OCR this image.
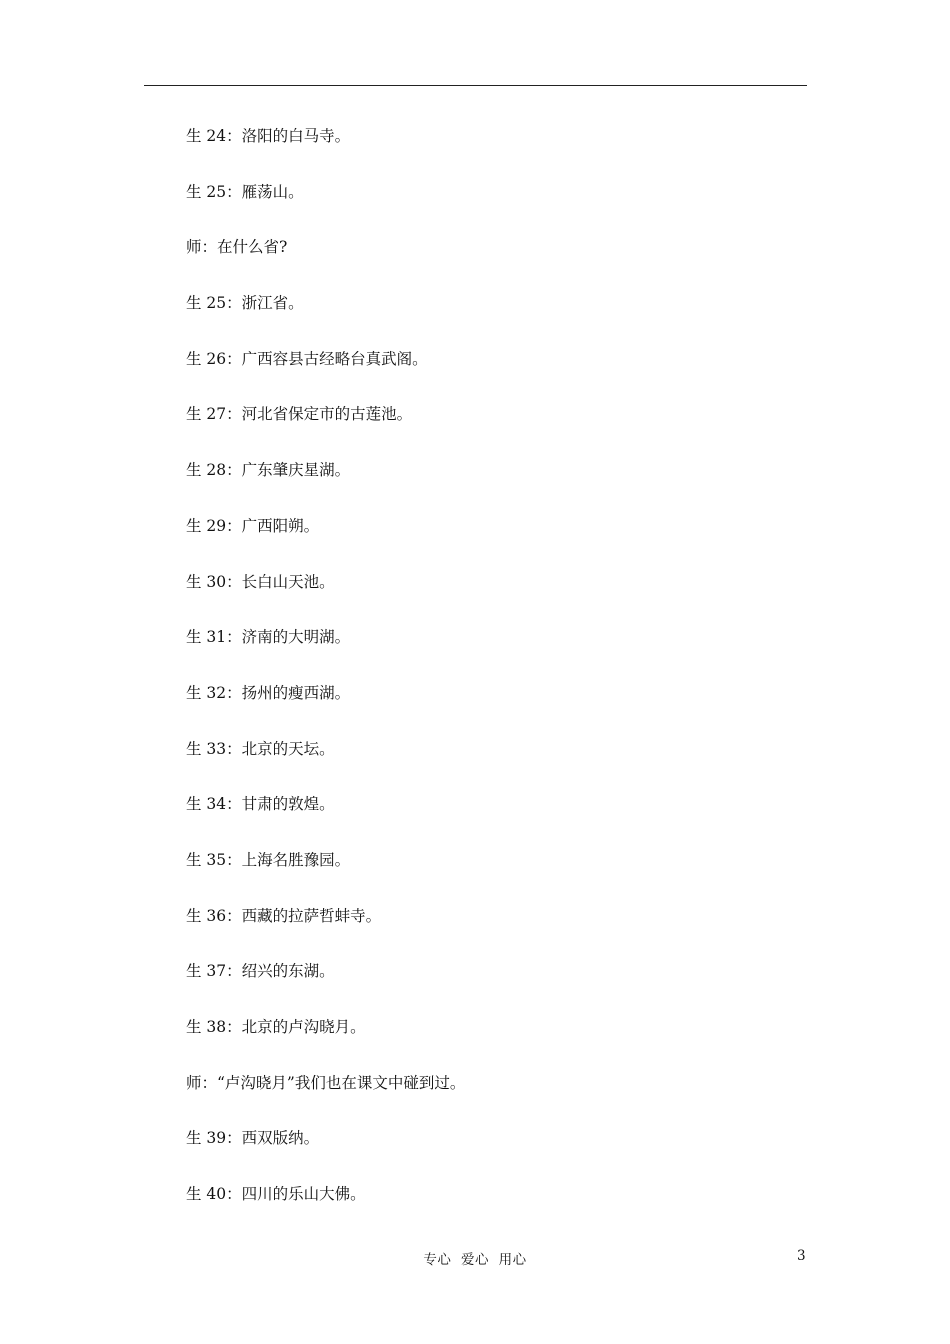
生 24：洛阳的白马寺。
生 25：雁荡山。
师：在什么省?
生 25：浙江省。
生 26：广西容县古经略台真武阁。
生 27：河北省保定市的古莲池。
生 28：广东肇庆星湖。
生 29：广西阳朔。
生 30：长白山天池。
生 31：济南的大明湖。
生 32：扬州的瘦西湖。
生 33：北京的天坛。
生 34：甘肃的敦煌。
生 35：上海名胜豫园。
生 36：西藏的拉萨哲蚌寺。
生 37：绍兴的东湖。
生 38：北京的卢沟晓月。
师：“卢沟晓月”我们也在课文中碰到过。
生 39：西双版纳。
生 40：四川的乐山大佛。
专心  爱心  用心	3
